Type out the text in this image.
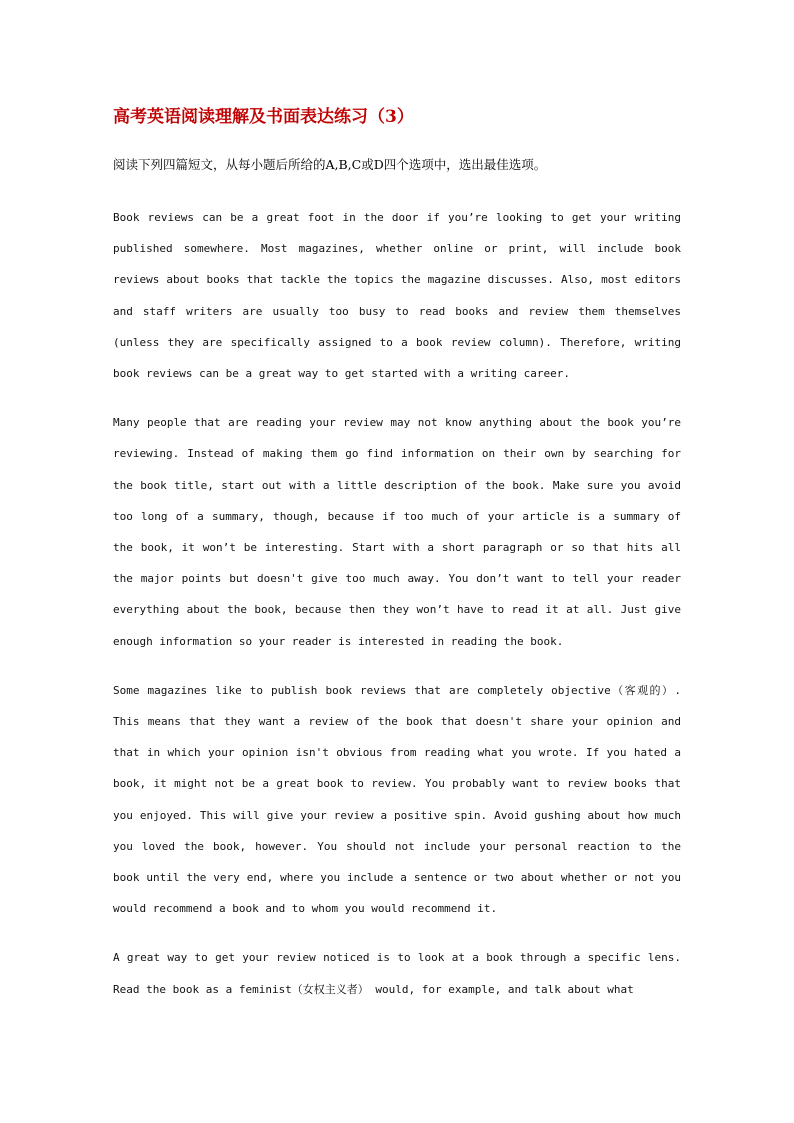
高考英语阅读理解及书面表达练习（3）
阅读下列四篇短文，从每小题后所给的A,B,C或D四个选项中，选出最佳选项。

Book reviews can be a great foot in the door if you’re looking to get your writing published somewhere. Most magazines, whether online or print, will include book reviews about books that tackle the topics the magazine discusses. Also, most editors and staff writers are usually too busy to read books and review them themselves (unless they are specifically assigned to a book review column). Therefore, writing book reviews can be a great way to get started with a writing career.

Many people that are reading your review may not know anything about the book you’re reviewing. Instead of making them go find information on their own by searching for the book title, start out with a little description of the book. Make sure you avoid too long of a summary, though, because if too much of your article is a summary of the book, it won’t be interesting. Start with a short paragraph or so that hits all the major points but doesn't give too much away. You don’t want to tell your reader everything about the book, because then they won’t have to read it at all. Just give enough information so your reader is interested in reading the book.

Some magazines like to publish book reviews that are completely objective（客观的）. This means that they want a review of the book that doesn't share your opinion and that in which your opinion isn't obvious from reading what you wrote. If you hated a book, it might not be a great book to review. You probably want to review books that you enjoyed. This will give your review a positive spin. Avoid gushing about how much you loved the book, however. You should not include your personal reaction to the book until the very end, where you include a sentence or two about whether or not you would recommend a book and to whom you would recommend it.

A great way to get your review noticed is to look at a book through a specific lens. Read the book as a feminist（女权主义者） would, for example, and talk about what
